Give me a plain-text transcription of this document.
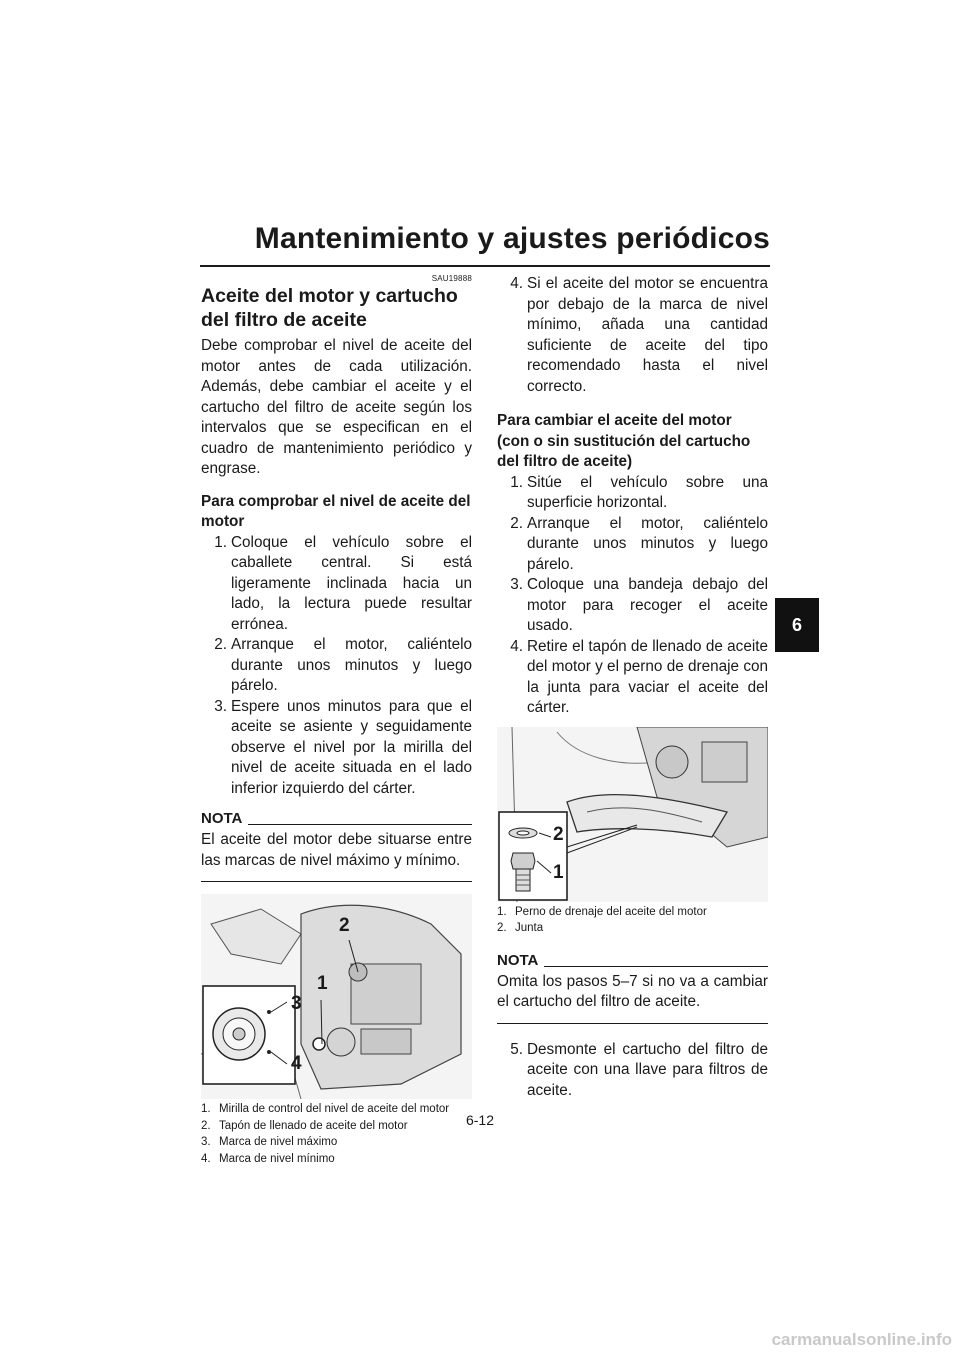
Mantenimiento y ajustes periódicos
6
SAU19888
Aceite del motor y cartucho del filtro de aceite

Debe comprobar el nivel de aceite del motor antes de cada utilización. Además, debe cambiar el aceite y el cartucho del filtro de aceite según los intervalos que se especifican en el cuadro de mantenimiento periódico y engrase.

Para comprobar el nivel de aceite del motor

1. Coloque el vehículo sobre el caballete central. Si está ligeramente inclinada hacia un lado, la lectura puede resultar errónea.
2. Arranque el motor, caliéntelo durante unos minutos y luego párelo.
3. Espere unos minutos para que el aceite se asiente y seguidamente observe el nivel por la mirilla del nivel de aceite situada en el lado inferior izquierdo del cárter.
NOTA

El aceite del motor debe situarse entre las marcas de nivel máximo y mínimo.

2
1
3
4
1. Mirilla de control del nivel de aceite del motor
2. Tapón de llenado de aceite del motor
3. Marca de nivel máximo
4. Marca de nivel mínimo
4. Si el aceite del motor se encuentra por debajo de la marca de nivel mínimo, añada una cantidad suficiente de aceite del tipo recomendado hasta el nivel correcto.

Para cambiar el aceite del motor (con o sin sustitución del cartucho del filtro de aceite)

1. Sitúe el vehículo sobre una superficie horizontal.
2. Arranque el motor, caliéntelo durante unos minutos y luego párelo.
3. Coloque una bandeja debajo del motor para recoger el aceite usado.
4. Retire el tapón de llenado de aceite del motor y el perno de drenaje con la junta para vaciar el aceite del cárter.
2
1
1. Perno de drenaje del aceite del motor
2. Junta
NOTA

Omita los pasos 5–7 si no va a cambiar el cartucho del filtro de aceite.

5. Desmonte el cartucho del filtro de aceite con una llave para filtros de aceite.
6-12
carmanualsonline.info
